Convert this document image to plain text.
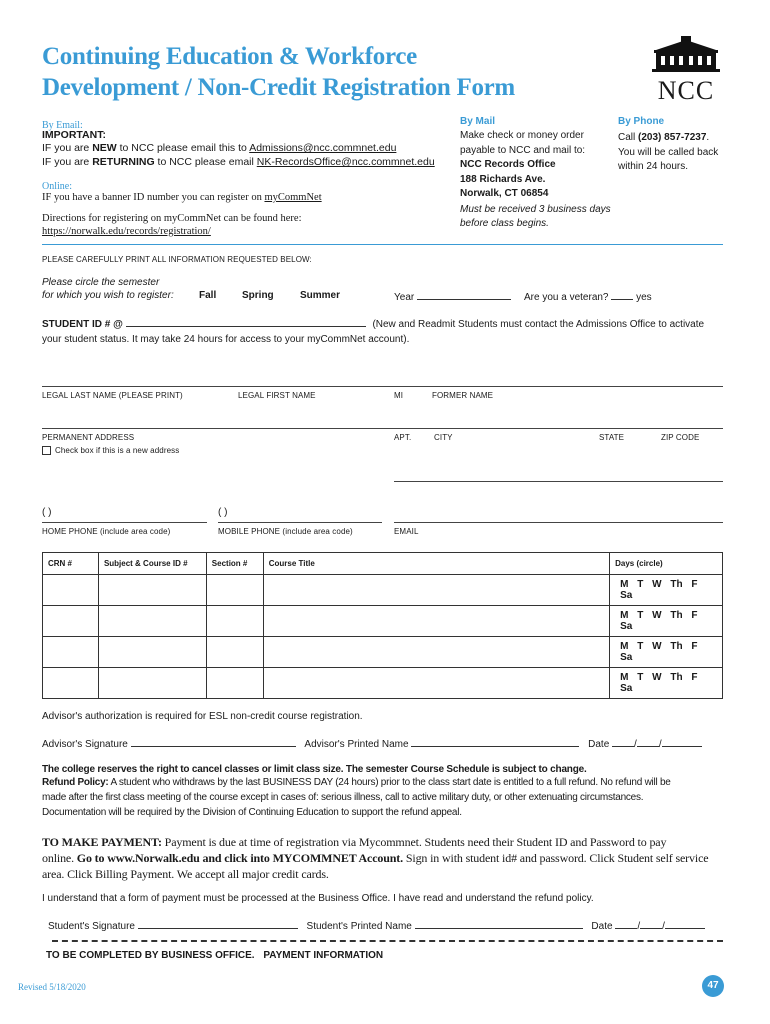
Continuing Education & Workforce
Development / Non-Credit Registration Form	NCC
By Email:
IMPORTANT:
IF you are NEW to NCC please email this to Admissions@ncc.commnet.edu
IF you are RETURNING to NCC please email NK-RecordsOffice@ncc.commnet.edu
Online:
IF you have a banner ID number you can register on myCommNet
Directions for registering on myCommNet can be found here:
https://norwalk.edu/records/registration/
By Mail
Make check or money order
payable to NCC and mail to:
NCC Records Office
188 Richards Ave.
Norwalk, CT 06854
Must be received 3 business days
before class begins.
By Phone
Call (203) 857-7237.
You will be called back
within 24 hours.
PLEASE CAREFULLY PRINT ALL INFORMATION REQUESTED BELOW:
Please circle the semester
for which you wish to register:	Fall	Spring	Summer	Year	Are you a veteran?	yes
STUDENT ID # @	(New and Readmit Students must contact the Admissions Office to activate
your student status. It may take 24 hours for access to your myCommNet account).
LEGAL LAST NAME (PLEASE PRINT)	LEGAL FIRST NAME	MI	FORMER NAME
PERMANENT ADDRESS	APT.	CITY	STATE	ZIP CODE
Check box if this is a new address
( )	( )
HOME PHONE (include area code)	MOBILE PHONE (include area code)	EMAIL
CRN #	Subject & Course ID #	Section #	Course Title	Days (circle)
				M T W Th F Sa
				M T W Th F Sa
				M T W Th F Sa
				M T W Th F Sa
Advisor's authorization is required for ESL non-credit course registration.
Advisor's Signature	Advisor's Printed Name	Date / /
The college reserves the right to cancel classes or limit class size. The semester Course Schedule is subject to change.
Refund Policy: A student who withdraws by the last BUSINESS DAY (24 hours) prior to the class start date is entitled to a full refund. No refund will be
made after the first class meeting of the course except in cases of: serious illness, call to active military duty, or other extenuating circumstances.
Documentation will be required by the Division of Continuing Education to support the refund appeal.
TO MAKE PAYMENT: Payment is due at time of registration via Mycommnet. Students need their Student ID and Password to pay
online. Go to www.Norwalk.edu and click into MYCOMMNET Account. Sign in with student id# and password. Click Student self service
area. Click Billing Payment. We accept all major credit cards.
I understand that a form of payment must be processed at the Business Office. I have read and understand the refund policy.
Student's Signature	Student's Printed Name	Date / /
TO BE COMPLETED BY BUSINESS OFFICE. PAYMENT INFORMATION
Revised 5/18/2020	47
